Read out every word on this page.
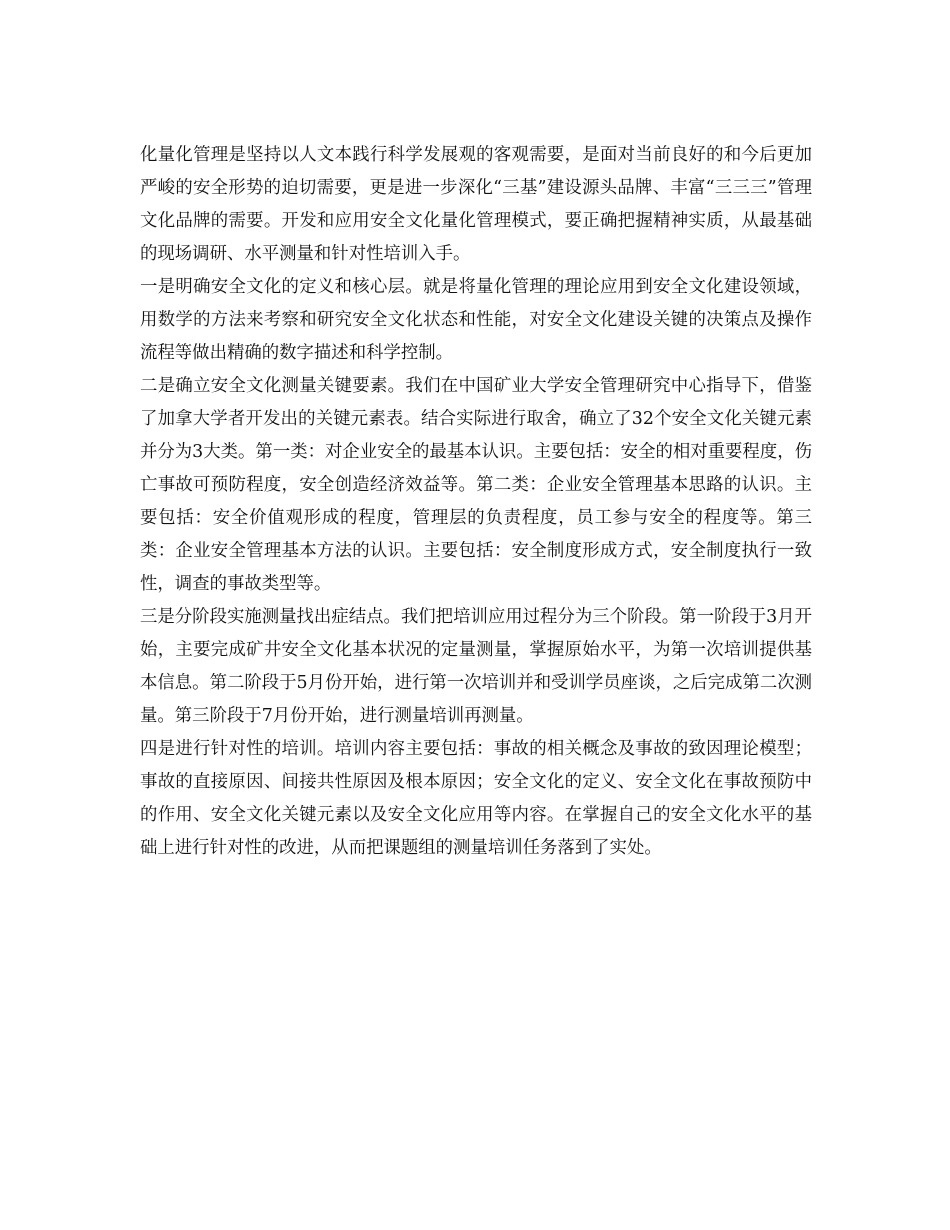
化量化管理是坚持以人文本践行科学发展观的客观需要，是面对当前良好的和今后更加严峻的安全形势的迫切需要，更是进一步深化“三基”建设源头品牌、丰富“三三三”管理文化品牌的需要。开发和应用安全文化量化管理模式，要正确把握精神实质，从最基础的现场调研、水平测量和针对性培训入手。

一是明确安全文化的定义和核心层。就是将量化管理的理论应用到安全文化建设领域，用数学的方法来考察和研究安全文化状态和性能，对安全文化建设关键的决策点及操作流程等做出精确的数字描述和科学控制。

二是确立安全文化测量关键要素。我们在中国矿业大学安全管理研究中心指导下，借鉴了加拿大学者开发出的关键元素表。结合实际进行取舍，确立了32个安全文化关键元素并分为3大类。第一类：对企业安全的最基本认识。主要包括：安全的相对重要程度，伤亡事故可预防程度，安全创造经济效益等。第二类：企业安全管理基本思路的认识。主要包括：安全价值观形成的程度，管理层的负责程度，员工参与安全的程度等。第三类：企业安全管理基本方法的认识。主要包括：安全制度形成方式，安全制度执行一致性，调查的事故类型等。

三是分阶段实施测量找出症结点。我们把培训应用过程分为三个阶段。第一阶段于3月开始，主要完成矿井安全文化基本状况的定量测量，掌握原始水平，为第一次培训提供基本信息。第二阶段于5月份开始，进行第一次培训并和受训学员座谈，之后完成第二次测量。第三阶段于7月份开始，进行测量培训再测量。

四是进行针对性的培训。培训内容主要包括：事故的相关概念及事故的致因理论模型；事故的直接原因、间接共性原因及根本原因；安全文化的定义、安全文化在事故预防中的作用、安全文化关键元素以及安全文化应用等内容。在掌握自己的安全文化水平的基础上进行针对性的改进，从而把课题组的测量培训任务落到了实处。
